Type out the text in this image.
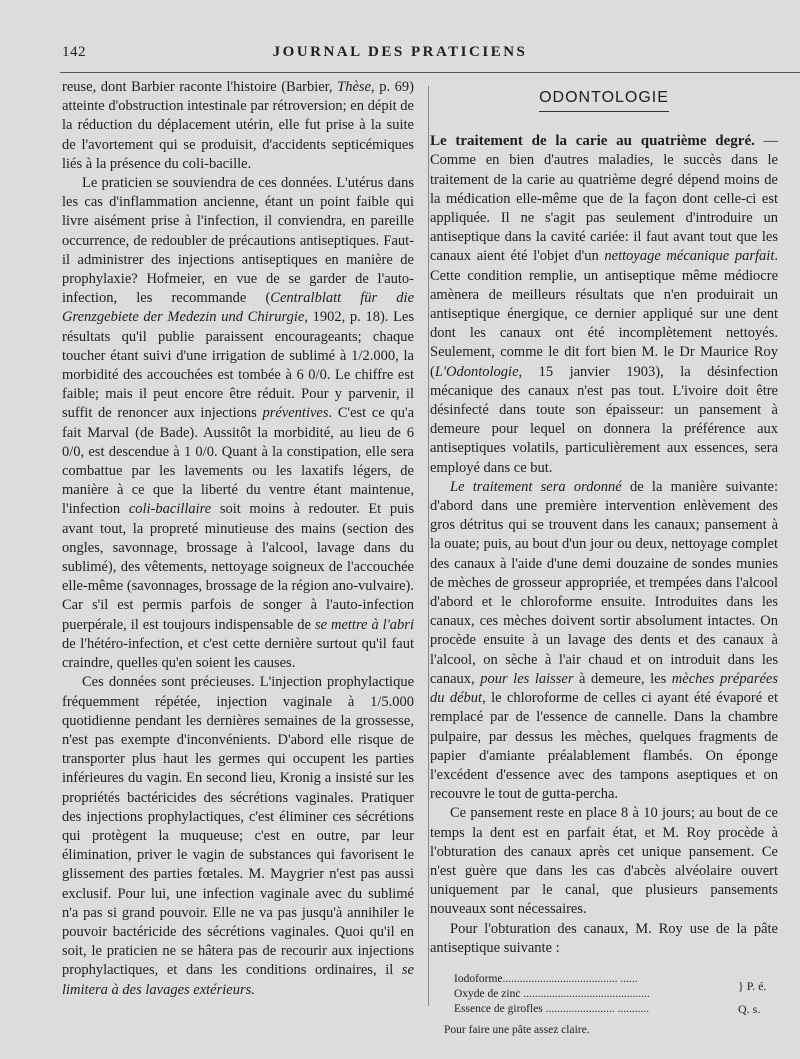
142	JOURNAL DES PRATICIENS

reuse, dont Barbier raconte l'histoire (Barbier, Thèse, p. 69) atteinte d'obstruction intestinale par rétroversion; en dépit de la réduction du déplacement utérin, elle fut prise à la suite de l'avortement qui se produisit, d'accidents septicémiques liés à la présence du coli-bacille.

Le praticien se souviendra de ces données. L'utérus dans les cas d'inflammation ancienne, étant un point faible qui livre aisément prise à l'infection, il conviendra, en pareille occurrence, de redoubler de précautions antiseptiques. Faut-il administrer des injections antiseptiques en manière de prophylaxie? Hofmeier, en vue de se garder de l'auto-infection, les recommande (Centralblatt für die Grenzgebiete der Medezin und Chirurgie, 1902, p. 18). Les résultats qu'il publie paraissent encourageants; chaque toucher étant suivi d'une irrigation de sublimé à 1/2.000, la morbidité des accouchées est tombée à 6 0/0. Le chiffre est faible; mais il peut encore être réduit. Pour y parvenir, il suffit de renoncer aux injections préventives. C'est ce qu'a fait Marval (de Bade). Aussitôt la morbidité, au lieu de 6 0/0, est descendue à 1 0/0. Quant à la constipation, elle sera combattue par les lavements ou les laxatifs légers, de manière à ce que la liberté du ventre étant maintenue, l'infection coli-bacillaire soit moins à redouter. Et puis avant tout, la propreté minutieuse des mains (section des ongles, savonnage, brossage à l'alcool, lavage dans du sublimé), des vêtements, nettoyage soigneux de l'accouchée elle-même (savonnages, brossage de la région ano-vulvaire). Car s'il est permis parfois de songer à l'auto-infection puerpérale, il est toujours indispensable de se mettre à l'abri de l'hétéro-infection, et c'est cette dernière surtout qu'il faut craindre, quelles qu'en soient les causes.

Ces données sont précieuses. L'injection prophylactique fréquemment répétée, injection vaginale à 1/5.000 quotidienne pendant les dernières semaines de la grossesse, n'est pas exempte d'inconvénients. D'abord elle risque de transporter plus haut les germes qui occupent les parties inférieures du vagin. En second lieu, Kronig a insisté sur les propriétés bactéricides des sécrétions vaginales. Pratiquer des injections prophylactiques, c'est éliminer ces sécrétions qui protègent la muqueuse; c'est en outre, par leur élimination, priver le vagin de substances qui favorisent le glissement des parties fœtales. M. Maygrier n'est pas aussi exclusif. Pour lui, une infection vaginale avec du sublimé n'a pas si grand pouvoir. Elle ne va pas jusqu'à annihiler le pouvoir bactéricide des sécrétions vaginales. Quoi qu'il en soit, le praticien ne se hâtera pas de recourir aux injections prophylactiques, et dans les conditions ordinaires, il se limitera à des lavages extérieurs.

ODONTOLOGIE

Le traitement de la carie au quatrième degré. — Comme en bien d'autres maladies, le succès dans le traitement de la carie au quatrième degré dépend moins de la médication elle-même que de la façon dont celle-ci est appliquée. Il ne s'agit pas seulement d'introduire un antiseptique dans la cavité cariée: il faut avant tout que les canaux aient été l'objet d'un nettoyage mécanique parfait. Cette condition remplie, un antiseptique même médiocre amènera de meilleurs résultats que n'en produirait un antiseptique énergique, ce dernier appliqué sur une dent dont les canaux ont été incomplètement nettoyés. Seulement, comme le dit fort bien M. le Dr Maurice Roy (L'Odontologie, 15 janvier 1903), la désinfection mécanique des canaux n'est pas tout. L'ivoire doit être désinfecté dans toute son épaisseur: un pansement à demeure pour lequel on donnera la préférence aux antiseptiques volatils, particulièrement aux essences, sera employé dans ce but.

Le traitement sera ordonné de la manière suivante: d'abord dans une première intervention enlèvement des gros détritus qui se trouvent dans les canaux; pansement à la ouate; puis, au bout d'un jour ou deux, nettoyage complet des canaux à l'aide d'une demi douzaine de sondes munies de mèches de grosseur appropriée, et trempées dans l'alcool d'abord et le chloroforme ensuite. Introduites dans les canaux, ces mèches doivent sortir absolument intactes. On procède ensuite à un lavage des dents et des canaux à l'alcool, on sèche à l'air chaud et on introduit dans les canaux, pour les laisser à demeure, les mèches préparées du début, le chloroforme de celles ci ayant été évaporé et remplacé par de l'essence de cannelle. Dans la chambre pulpaire, par dessus les mèches, quelques fragments de papier d'amiante préalablement flambés. On éponge l'excédent d'essence avec des tampons aseptiques et on recouvre le tout de gutta-percha.

Ce pansement reste en place 8 à 10 jours; au bout de ce temps la dent est en parfait état, et M. Roy procède à l'obturation des canaux après cet unique pansement. Ce n'est guère que dans les cas d'abcès alvéolaire ouvert uniquement par le canal, que plusieurs pansements nouveaux sont nécessaires.

Pour l'obturation des canaux, M. Roy use de la pâte antiseptique suivante :

Iodoforme........................................ ......
Oxyde de zinc ............................................
} P. é.
Essence de girofles ........................ ...........	Q. s.
Pour faire une pâte assez claire.
